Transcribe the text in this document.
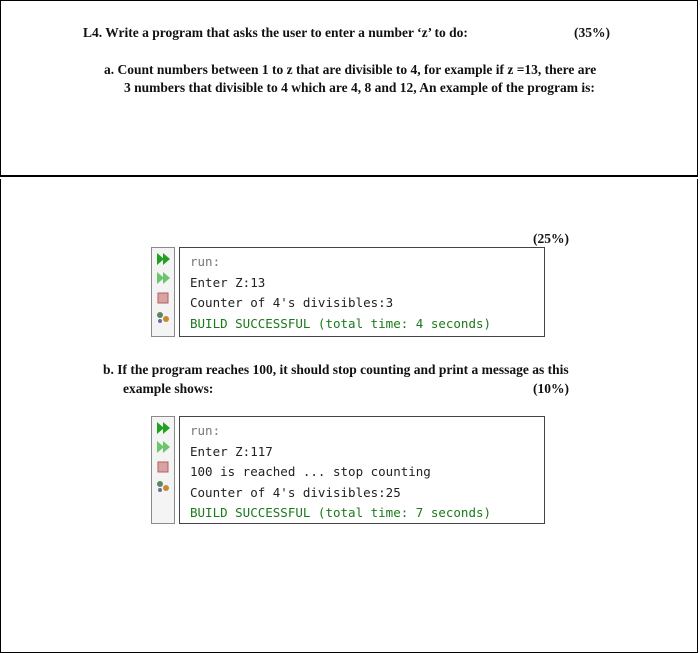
L4. Write a program that asks the user to enter a number ‘z’ to do:	(35%)
a. Count numbers between 1 to z that are divisible to 4, for example if z =13, there are
3 numbers that divisible to 4 which are 4, 8 and 12, An example of the program is:
(25%)
run:
Enter Z:13
Counter of 4's divisibles:3
BUILD SUCCESSFUL (total time: 4 seconds)
b. If the program reaches 100, it should stop counting and print a message as this
example shows:	(10%)
run:
Enter Z:117
100 is reached ... stop counting
Counter of 4's divisibles:25
BUILD SUCCESSFUL (total time: 7 seconds)
